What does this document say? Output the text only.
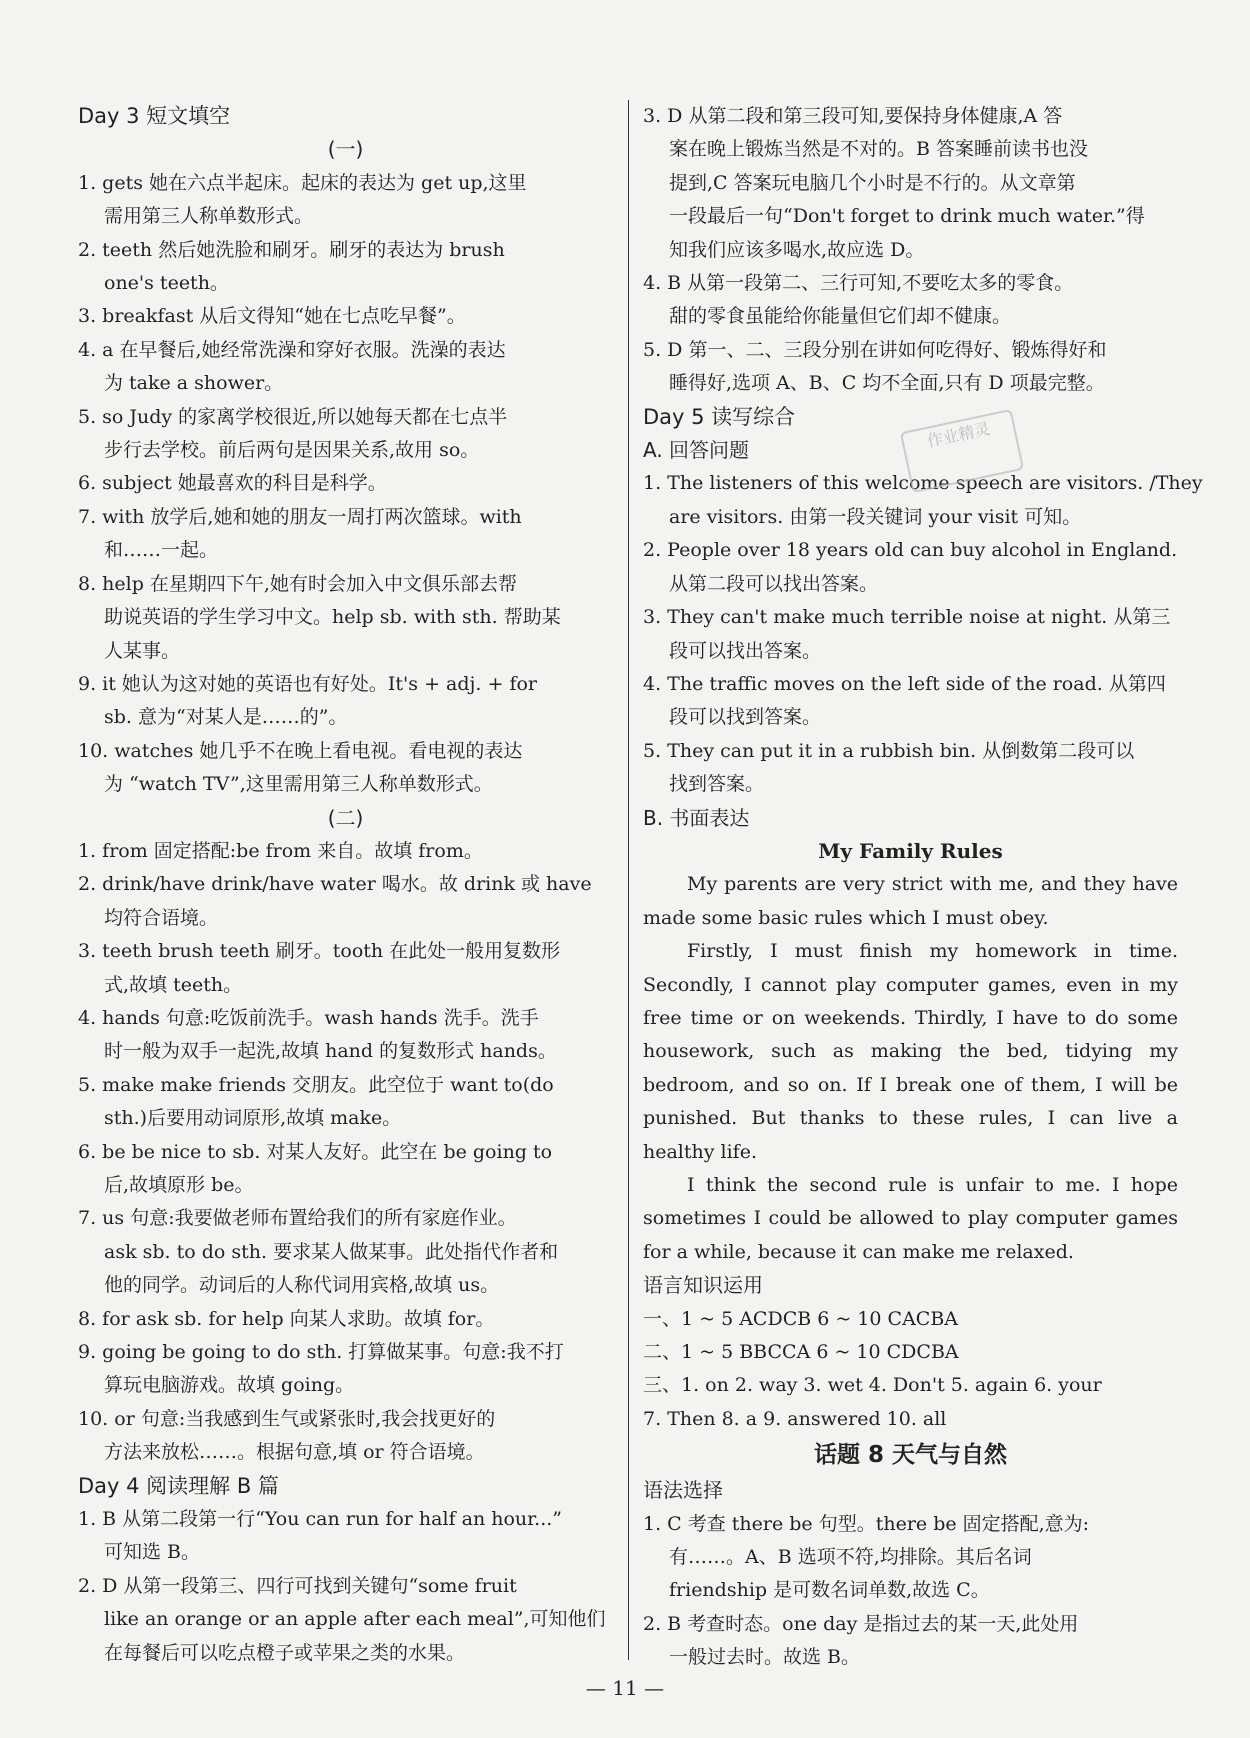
Day 3 短文填空
(一)
1. gets 她在六点半起床。起床的表达为 get up,这里
需用第三人称单数形式。
2. teeth 然后她洗脸和刷牙。刷牙的表达为 brush
one's teeth。
3. breakfast 从后文得知“她在七点吃早餐”。
4. a 在早餐后,她经常洗澡和穿好衣服。洗澡的表达
为 take a shower。
5. so Judy 的家离学校很近,所以她每天都在七点半
步行去学校。前后两句是因果关系,故用 so。
6. subject 她最喜欢的科目是科学。
7. with 放学后,她和她的朋友一周打两次篮球。with
和……一起。
8. help 在星期四下午,她有时会加入中文俱乐部去帮
助说英语的学生学习中文。help sb. with sth. 帮助某
人某事。
9. it 她认为这对她的英语也有好处。It's + adj. + for
sb. 意为“对某人是……的”。
10. watches 她几乎不在晚上看电视。看电视的表达
为 “watch TV”,这里需用第三人称单数形式。
(二)
1. from 固定搭配:be from 来自。故填 from。
2. drink/have drink/have water 喝水。故 drink 或 have
均符合语境。
3. teeth brush teeth 刷牙。tooth 在此处一般用复数形
式,故填 teeth。
4. hands 句意:吃饭前洗手。wash hands 洗手。洗手
时一般为双手一起洗,故填 hand 的复数形式 hands。
5. make make friends 交朋友。此空位于 want to(do
sth.)后要用动词原形,故填 make。
6. be be nice to sb. 对某人友好。此空在 be going to
后,故填原形 be。
7. us 句意:我要做老师布置给我们的所有家庭作业。
ask sb. to do sth. 要求某人做某事。此处指代作者和
他的同学。动词后的人称代词用宾格,故填 us。
8. for ask sb. for help 向某人求助。故填 for。
9. going be going to do sth. 打算做某事。句意:我不打
算玩电脑游戏。故填 going。
10. or 句意:当我感到生气或紧张时,我会找更好的
方法来放松……。根据句意,填 or 符合语境。
Day 4 阅读理解 B 篇
1. B 从第二段第一行“You can run for half an hour...”
可知选 B。
2. D 从第一段第三、四行可找到关键句“some fruit
like an orange or an apple after each meal”,可知他们
在每餐后可以吃点橙子或苹果之类的水果。
3. D 从第二段和第三段可知,要保持身体健康,A 答
案在晚上锻炼当然是不对的。B 答案睡前读书也没
提到,C 答案玩电脑几个小时是不行的。从文章第
一段最后一句“Don't forget to drink much water.”得
知我们应该多喝水,故应选 D。
4. B 从第一段第二、三行可知,不要吃太多的零食。
甜的零食虽能给你能量但它们却不健康。
5. D 第一、二、三段分别在讲如何吃得好、锻炼得好和
睡得好,选项 A、B、C 均不全面,只有 D 项最完整。
Day 5 读写综合
A. 回答问题
1. The listeners of this welcome speech are visitors. /They
are visitors. 由第一段关键词 your visit 可知。
2. People over 18 years old can buy alcohol in England.
从第二段可以找出答案。
3. They can't make much terrible noise at night. 从第三
段可以找出答案。
4. The traffic moves on the left side of the road. 从第四
段可以找到答案。
5. They can put it in a rubbish bin. 从倒数第二段可以
找到答案。
B. 书面表达
My Family Rules
My parents are very strict with me, and they have made some basic rules which I must obey.
Firstly, I must finish my homework in time. Secondly, I cannot play computer games, even in my free time or on weekends. Thirdly, I have to do some housework, such as making the bed, tidying my bedroom, and so on. If I break one of them, I will be punished. But thanks to these rules, I can live a healthy life.
I think the second rule is unfair to me. I hope sometimes I could be allowed to play computer games for a while, because it can make me relaxed.
语言知识运用
一、1 ~ 5 ACDCB 6 ~ 10 CACBA
二、1 ~ 5 BBCCA 6 ~ 10 CDCBA
三、1. on 2. way 3. wet 4. Don't 5. again 6. your
7. Then 8. a 9. answered 10. all
话题 8 天气与自然
语法选择
1. C 考查 there be 句型。there be 固定搭配,意为:
有……。A、B 选项不符,均排除。其后名词
friendship 是可数名词单数,故选 C。
2. B 考查时态。one day 是指过去的某一天,此处用
一般过去时。故选 B。
作业精灵
— 11 —
